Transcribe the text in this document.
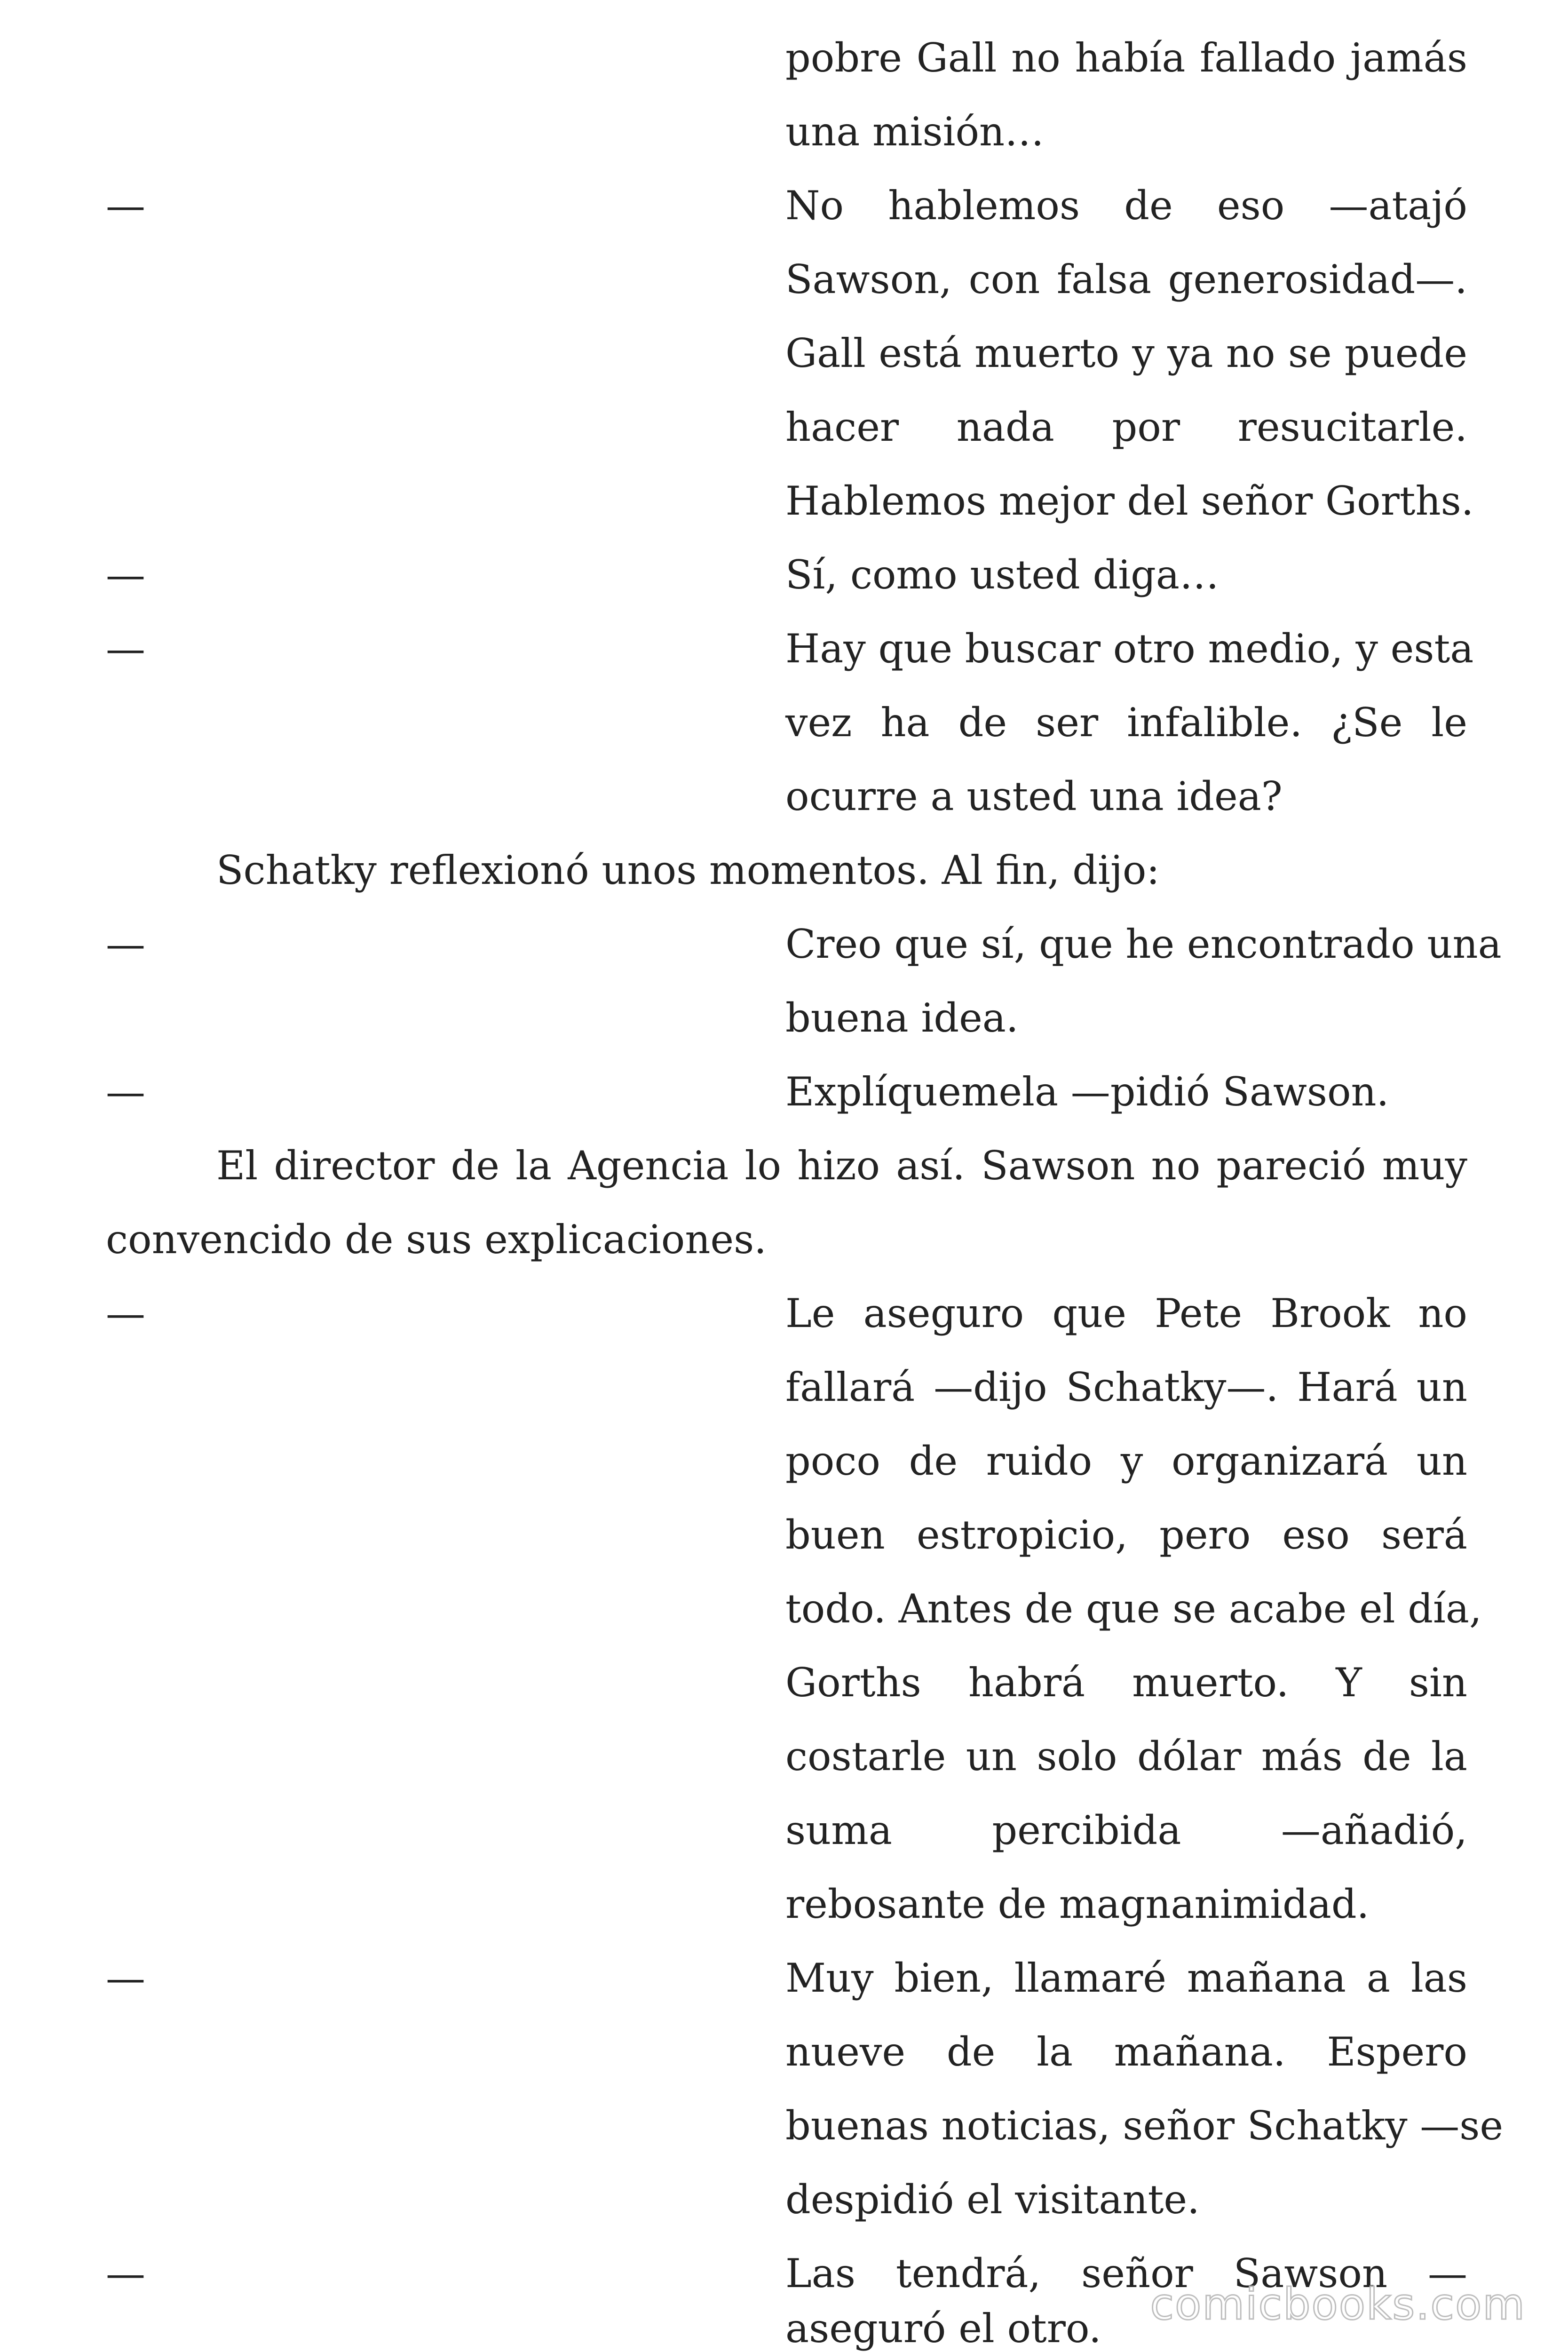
pobre Gall no había fallado jamás
una misión…
—	No hablemos de eso —atajó
Sawson, con falsa generosidad—.
Gall está muerto y ya no se puede
hacer nada por resucitarle.
Hablemos mejor del señor Gorths.
—	Sí, como usted diga…
—	Hay que buscar otro medio, y esta
vez ha de ser infalible. ¿Se le
ocurre a usted una idea?
Schatky reflexionó unos momentos. Al fin, dijo:
—	Creo que sí, que he encontrado una
buena idea.
—	Explíquemela —pidió Sawson.
El director de la Agencia lo hizo así. Sawson no pareció muy
convencido de sus explicaciones.
—	Le aseguro que Pete Brook no
fallará —dijo Schatky—. Hará un
poco de ruido y organizará un
buen estropicio, pero eso será
todo. Antes de que se acabe el día,
Gorths habrá muerto. Y sin
costarle un solo dólar más de la
suma percibida —añadió,
rebosante de magnanimidad.
—	Muy bien, llamaré mañana a las
nueve de la mañana. Espero
buenas noticias, señor Schatky —se
despidió el visitante.
—	Las tendrá, señor Sawson —
aseguró el otro.	comicbooks.com
